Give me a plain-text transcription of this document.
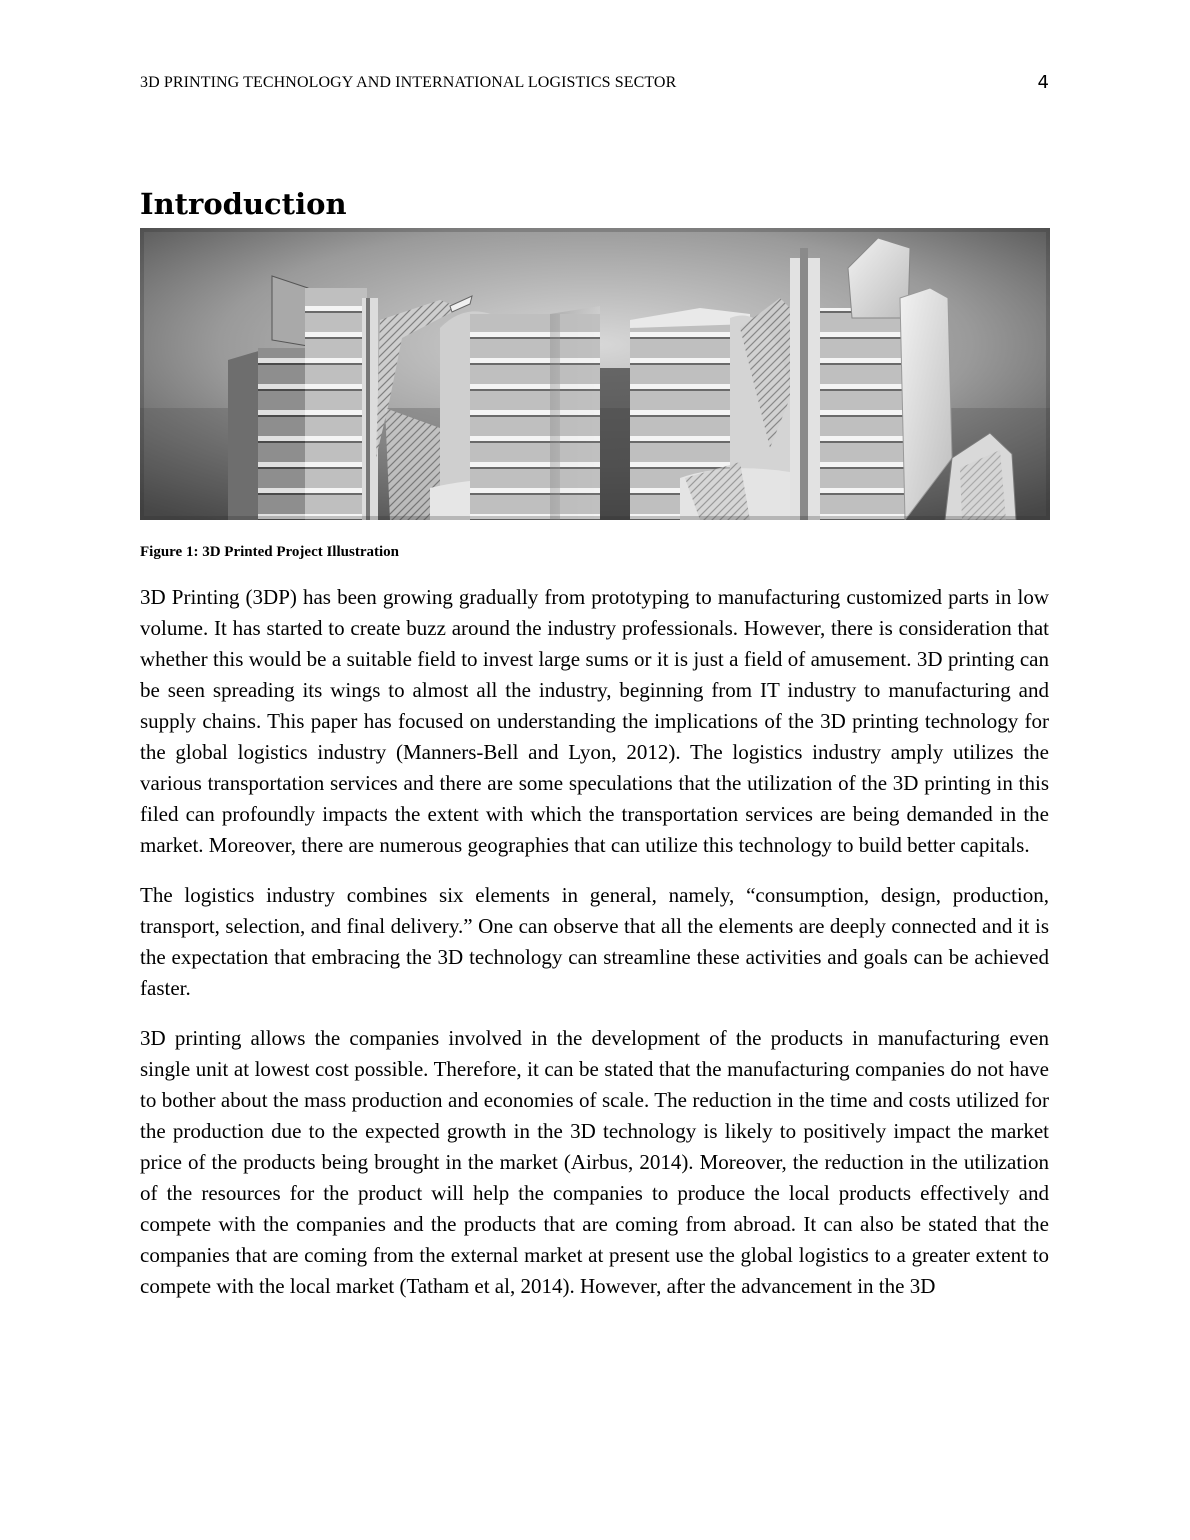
3D PRINTING TECHNOLOGY AND INTERNATIONAL LOGISTICS SECTOR	4
Introduction
Figure 1: 3D Printed Project Illustration

3D Printing (3DP) has been growing gradually from prototyping to manufacturing customized parts in low volume. It has started to create buzz around the industry professionals. However, there is consideration that whether this would be a suitable field to invest large sums or it is just a field of amusement. 3D printing can be seen spreading its wings to almost all the industry, beginning from IT industry to manufacturing and supply chains. This paper has focused on understanding the implications of the 3D printing technology for the global logistics industry (Manners-Bell and Lyon, 2012). The logistics industry amply utilizes the various transportation services and there are some speculations that the utilization of the 3D printing in this filed can profoundly impacts the extent with which the transportation services are being demanded in the market. Moreover, there are numerous geographies that can utilize this technology to build better capitals.

The logistics industry combines six elements in general, namely, “consumption, design, production, transport, selection, and final delivery.” One can observe that all the elements are deeply connected and it is the expectation that embracing the 3D technology can streamline these activities and goals can be achieved faster.

3D printing allows the companies involved in the development of the products in manufacturing even single unit at lowest cost possible. Therefore, it can be stated that the manufacturing companies do not have to bother about the mass production and economies of scale. The reduction in the time and costs utilized for the production due to the expected growth in the 3D technology is likely to positively impact the market price of the products being brought in the market (Airbus, 2014). Moreover, the reduction in the utilization of the resources for the product will help the companies to produce the local products effectively and compete with the companies and the products that are coming from abroad. It can also be stated that the companies that are coming from the external market at present use the global logistics to a greater extent to compete with the local market (Tatham et al, 2014). However, after the advancement in the 3D
